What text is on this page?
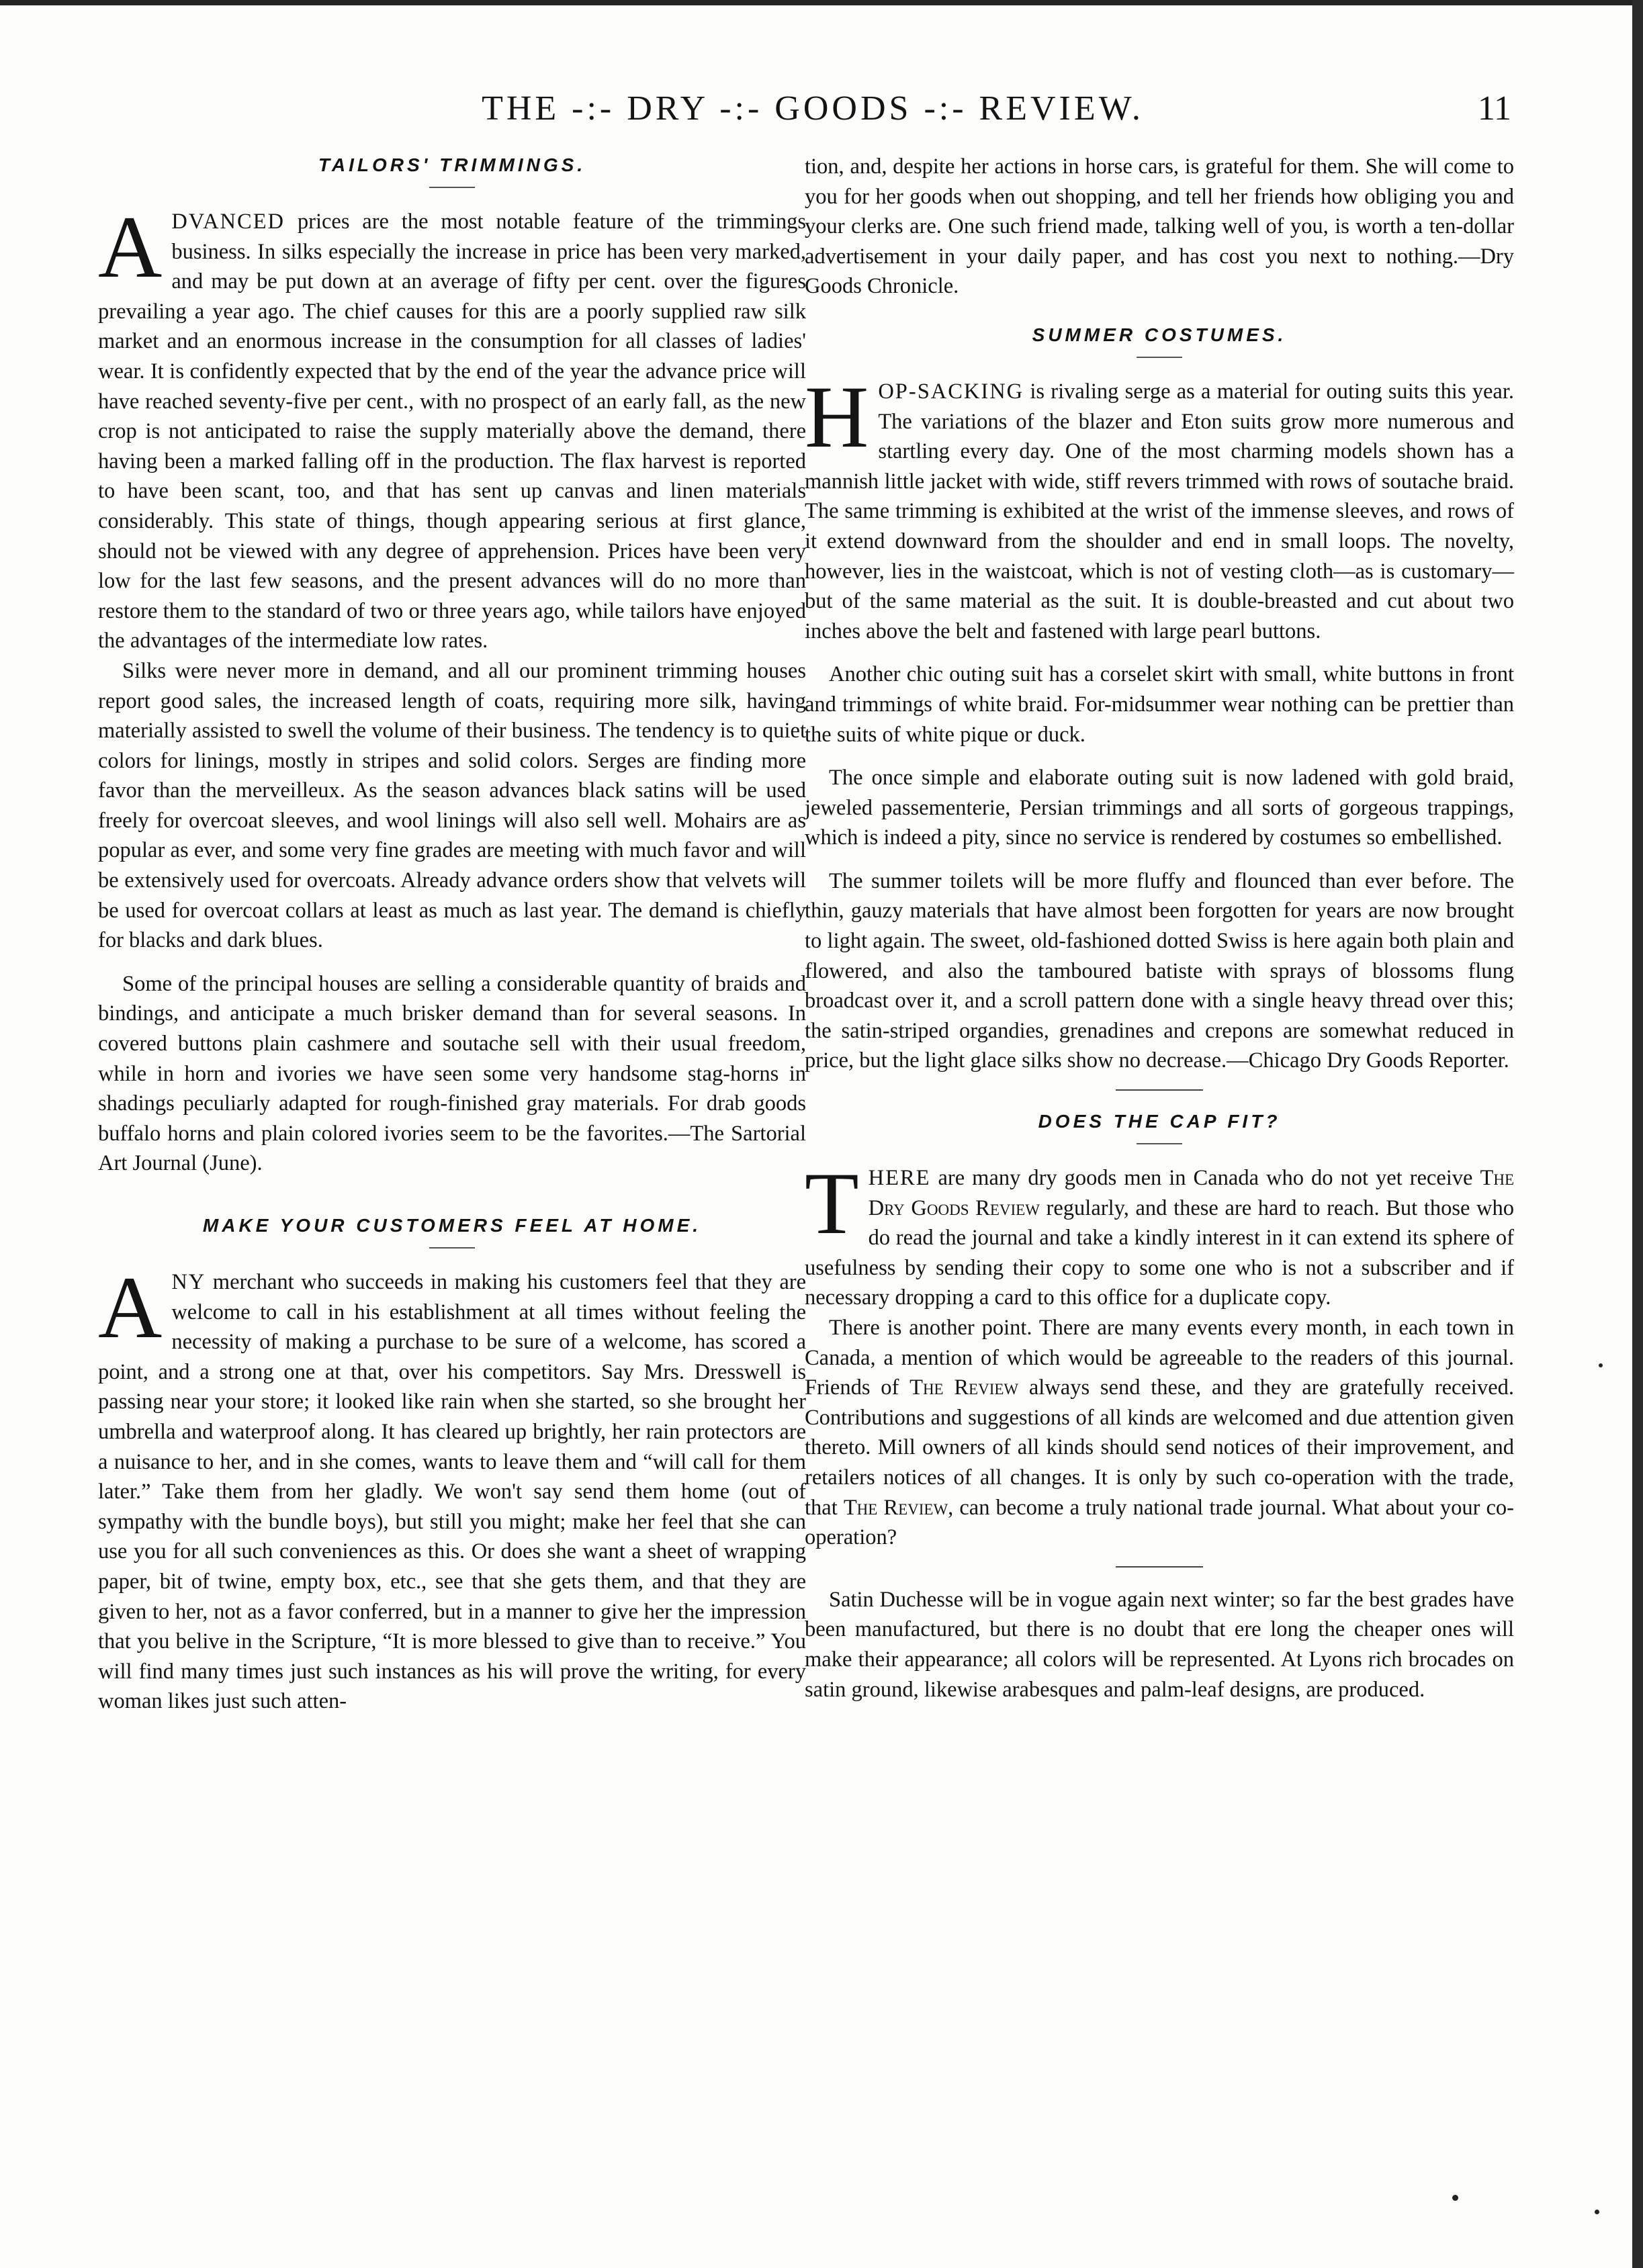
THE -:- DRY -:- GOODS -:- REVIEW.	11
TAILORS' TRIMMINGS.

ADVANCED prices are the most notable feature of the trimmings business. In silks especially the increase in price has been very marked, and may be put down at an average of fifty per cent. over the figures prevailing a year ago. The chief causes for this are a poorly supplied raw silk market and an enormous increase in the consumption for all classes of ladies' wear. It is confidently expected that by the end of the year the advance price will have reached seventy-five per cent., with no prospect of an early fall, as the new crop is not anticipated to raise the supply materially above the demand, there having been a marked falling off in the production. The flax harvest is reported to have been scant, too, and that has sent up canvas and linen materials considerably. This state of things, though appearing serious at first glance, should not be viewed with any degree of apprehension. Prices have been very low for the last few seasons, and the present advances will do no more than restore them to the standard of two or three years ago, while tailors have enjoyed the advantages of the intermediate low rates.

Silks were never more in demand, and all our prominent trimming houses report good sales, the increased length of coats, requiring more silk, having materially assisted to swell the volume of their business. The tendency is to quiet colors for linings, mostly in stripes and solid colors. Serges are finding more favor than the merveilleux. As the season advances black satins will be used freely for overcoat sleeves, and wool linings will also sell well. Mohairs are as popular as ever, and some very fine grades are meeting with much favor and will be extensively used for overcoats. Already advance orders show that velvets will be used for overcoat collars at least as much as last year. The demand is chiefly for blacks and dark blues.

Some of the principal houses are selling a considerable quantity of braids and bindings, and anticipate a much brisker demand than for several seasons. In covered buttons plain cashmere and soutache sell with their usual freedom, while in horn and ivories we have seen some very handsome stag-horns in shadings peculiarly adapted for rough-finished gray materials. For drab goods buffalo horns and plain colored ivories seem to be the favorites.—The Sartorial Art Journal (June).

MAKE YOUR CUSTOMERS FEEL AT HOME.

ANY merchant who succeeds in making his customers feel that they are welcome to call in his establishment at all times without feeling the necessity of making a purchase to be sure of a welcome, has scored a point, and a strong one at that, over his competitors. Say Mrs. Dresswell is passing near your store; it looked like rain when she started, so she brought her umbrella and waterproof along. It has cleared up brightly, her rain protectors are a nuisance to her, and in she comes, wants to leave them and “will call for them later.” Take them from her gladly. We won't say send them home (out of sympathy with the bundle boys), but still you might; make her feel that she can use you for all such conveniences as this. Or does she want a sheet of wrapping paper, bit of twine, empty box, etc., see that she gets them, and that they are given to her, not as a favor conferred, but in a manner to give her the impression that you belive in the Scripture, “It is more blessed to give than to receive.” You will find many times just such instances as his will prove the writing, for every woman likes just such atten-

tion, and, despite her actions in horse cars, is grateful for them. She will come to you for her goods when out shopping, and tell her friends how obliging you and your clerks are. One such friend made, talking well of you, is worth a ten-dollar advertisement in your daily paper, and has cost you next to nothing.—Dry Goods Chronicle.

SUMMER COSTUMES.

HOP-SACKING is rivaling serge as a material for outing suits this year. The variations of the blazer and Eton suits grow more numerous and startling every day. One of the most charming models shown has a mannish little jacket with wide, stiff revers trimmed with rows of soutache braid. The same trimming is exhibited at the wrist of the immense sleeves, and rows of it extend downward from the shoulder and end in small loops. The novelty, however, lies in the waistcoat, which is not of vesting cloth—as is customary—but of the same material as the suit. It is double-breasted and cut about two inches above the belt and fastened with large pearl buttons.

Another chic outing suit has a corselet skirt with small, white buttons in front and trimmings of white braid. For-midsummer wear nothing can be prettier than the suits of white pique or duck.

The once simple and elaborate outing suit is now ladened with gold braid, jeweled passementerie, Persian trimmings and all sorts of gorgeous trappings, which is indeed a pity, since no service is rendered by costumes so embellished.

The summer toilets will be more fluffy and flounced than ever before. The thin, gauzy materials that have almost been forgotten for years are now brought to light again. The sweet, old-fashioned dotted Swiss is here again both plain and flowered, and also the tamboured batiste with sprays of blossoms flung broadcast over it, and a scroll pattern done with a single heavy thread over this; the satin-striped organdies, grenadines and crepons are somewhat reduced in price, but the light glace silks show no decrease.—Chicago Dry Goods Reporter.

DOES THE CAP FIT?

THERE are many dry goods men in Canada who do not yet receive The Dry Goods Review regularly, and these are hard to reach. But those who do read the journal and take a kindly interest in it can extend its sphere of usefulness by sending their copy to some one who is not a subscriber and if necessary dropping a card to this office for a duplicate copy.

There is another point. There are many events every month, in each town in Canada, a mention of which would be agreeable to the readers of this journal. Friends of The Review always send these, and they are gratefully received. Contributions and suggestions of all kinds are welcomed and due attention given thereto. Mill owners of all kinds should send notices of their improvement, and retailers notices of all changes. It is only by such co-operation with the trade, that The Review, can become a truly national trade journal. What about your co-operation?

Satin Duchesse will be in vogue again next winter; so far the best grades have been manufactured, but there is no doubt that ere long the cheaper ones will make their appearance; all colors will be represented. At Lyons rich brocades on satin ground, likewise arabesques and palm-leaf designs, are produced.
